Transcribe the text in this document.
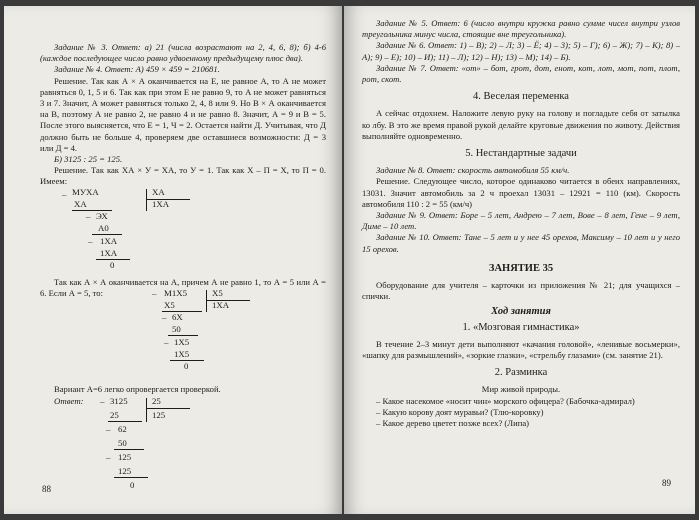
Задание № 3. Ответ: а) 21 (числа возрастают на 2, 4, 6, 8); б) 4-6 (каждое последующее число равно удвоенному предыдущему плюс два).

Задание № 4. Ответ: А) 459 × 459 = 210681.

Решение. Так как А × А оканчивается на Е, не равное А, то А не может равняться 0, 1, 5 и 6. Так как при этом Е не равно 9, то А не может равняться 3 и 7. Значит, А может равняться только 2, 4, 8 или 9. Но В × А оканчивается на В, поэтому А не равно 2, не равно 4 и не равно 8. Значит, А = 9 и В = 5. После этого выясняется, что Е = 1, Ч = 2. Остается найти Д. Учитывая, что Д должно быть не больше 4, проверяем две оставшиеся возможности: Д = 3 или Д = 4.

Б) 3125 : 25 = 125.

Решение. Так как ХА × У = ХА, то У = 1. Так как Х – П = Х, то П = 0. Имеем:

– МУХА
ХА
ХА
1ХА
– ЭХ
А0
– 1ХА
1ХА
0

Так как А × А оканчивается на А, причем А не равно 1, то А = 5 или А = 6. Если А = 5, то:	– М1Х5
Х5
Х5
1ХА
– 6Х
50
– 1Х5
1Х5
0

Вариант А=6 легко опровергается проверкой.

Ответ: – 3125
25
25
125
– 62
50
– 125
125
0
88

Задание № 5. Ответ: 6 (число внутри кружка равно сумме чисел внутри узлов треугольника минус числа, стоящие вне треугольника).

Задание № 6. Ответ: 1) – В); 2) – Л; 3) – Ё; 4) – 3); 5) – Г); 6) – Ж); 7) – К); 8) – А); 9) – Е); 10) – И); 11) – Л); 12) – Н); 13) – М); 14) – Б).

Задание № 7. Ответ: «от» – бот, грот, дот, енот, кот, лот, мот, пот, плот, рот, скот.

4. Веселая переменка

А сейчас отдохнем. Наложите левую руку на голову и погладьте себя от затылка ко лбу. В это же время правой рукой делайте круговые движения по животу. Действия выполняйте одновременно.

5. Нестандартные задачи

Задание № 8. Ответ: скорость автомобиля 55 км/ч.

Решение. Следующее число, которое одинаково читается в обеих направлениях, 13031. Значит автомобиль за 2 ч проехал 13031 – 12921 = 110 (км). Скорость автомобиля 110 : 2 = 55 (км/ч)

Задание № 9. Ответ: Боре – 5 лет, Андрею – 7 лет, Вове – 8 лет, Гене – 9 лет, Диме – 10 лет.

Задание № 10. Ответ: Тане – 5 лет и у нее 45 орехов, Максиму – 10 лет и у него 15 орехов.

ЗАНЯТИЕ 35

Оборудование для учителя – карточки из приложения № 21; для учащихся – спички.

Ход занятия
1. «Мозговая гимнастика»

В течение 2–3 минут дети выполняют «качания головой», «ленивые восьмерки», «шапку для размышлений», «зоркие глазки», «стрельбу глазами» (см. занятие 21).

2. Разминка

Мир живой природы.

– Какое насекомое «носит чин» морского офицера? (Бабочка-адмирал)

– Какую корову доят муравьи? (Тлю-коровку)

– Какое дерево цветет позже всех? (Липа)

89
